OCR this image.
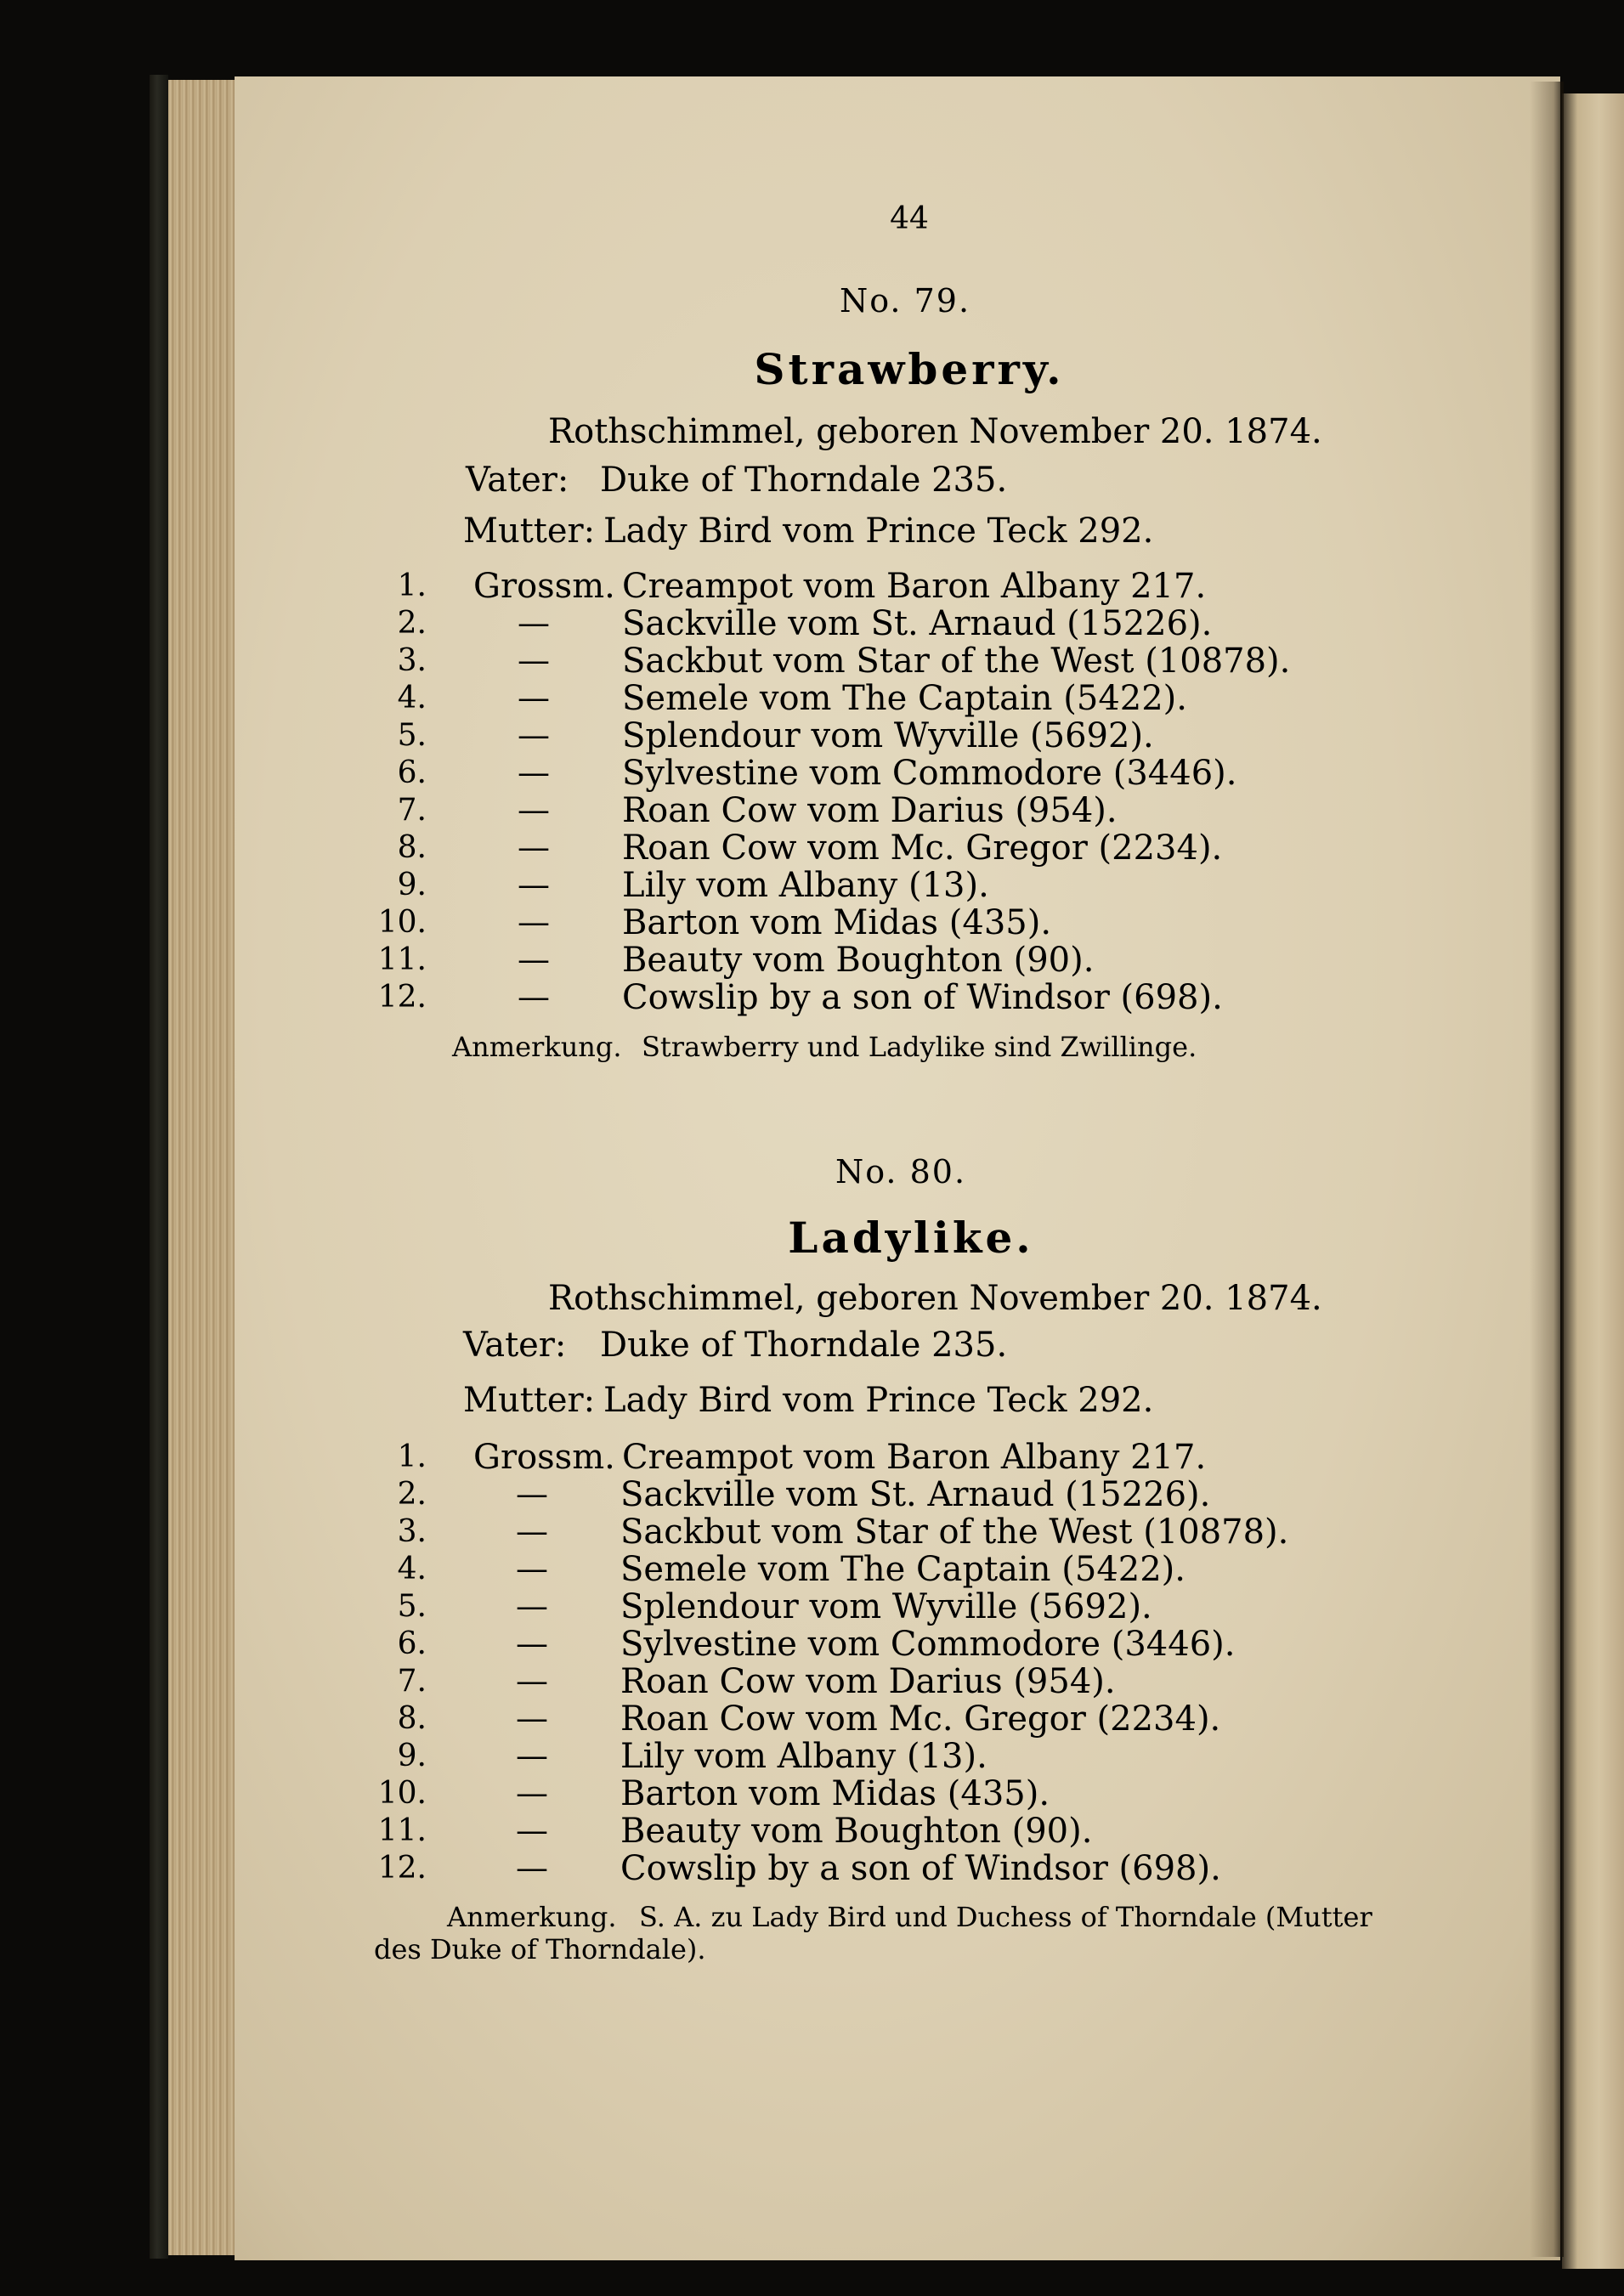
44
No. 79.
Strawberry.
Rothschimmel, geboren November 20. 1874.
Vater: Duke of Thorndale 235.
Mutter: Lady Bird vom Prince Teck 292.
1. Grossm. Creampot vom Baron Albany 217.
2.	— Sackville vom St. Arnaud (15226).
3.	— Sackbut vom Star of the West (10878).
4.	— Semele vom The Captain (5422).
5.	— Splendour vom Wyville (5692).
6.	— Sylvestine vom Commodore (3446).
7.	— Roan Cow vom Darius (954).
8.	— Roan Cow vom Mc. Gregor (2234).
9.	— Lily vom Albany (13).
10.	— Barton vom Midas (435).
11.	— Beauty vom Boughton (90).
12.	— Cowslip by a son of Windsor (698).
Anmerkung. Strawberry und Ladylike sind Zwillinge.
No. 80.
Ladylike.
Rothschimmel, geboren November 20. 1874.
Vater: Duke of Thorndale 235.
Mutter: Lady Bird vom Prince Teck 292.
1. Grossm. Creampot vom Baron Albany 217.
2.	— Sackville vom St. Arnaud (15226).
3.	— Sackbut vom Star of the West (10878).
4.	— Semele vom The Captain (5422).
5.	— Splendour vom Wyville (5692).
6.	— Sylvestine vom Commodore (3446).
7.	— Roan Cow vom Darius (954).
8.	— Roan Cow vom Mc. Gregor (2234).
9.	— Lily vom Albany (13).
10.	— Barton vom Midas (435).
11.	— Beauty vom Boughton (90).
12.	— Cowslip by a son of Windsor (698).
Anmerkung. S. A. zu Lady Bird und Duchess of Thorndale (Mutter
des Duke of Thorndale).
